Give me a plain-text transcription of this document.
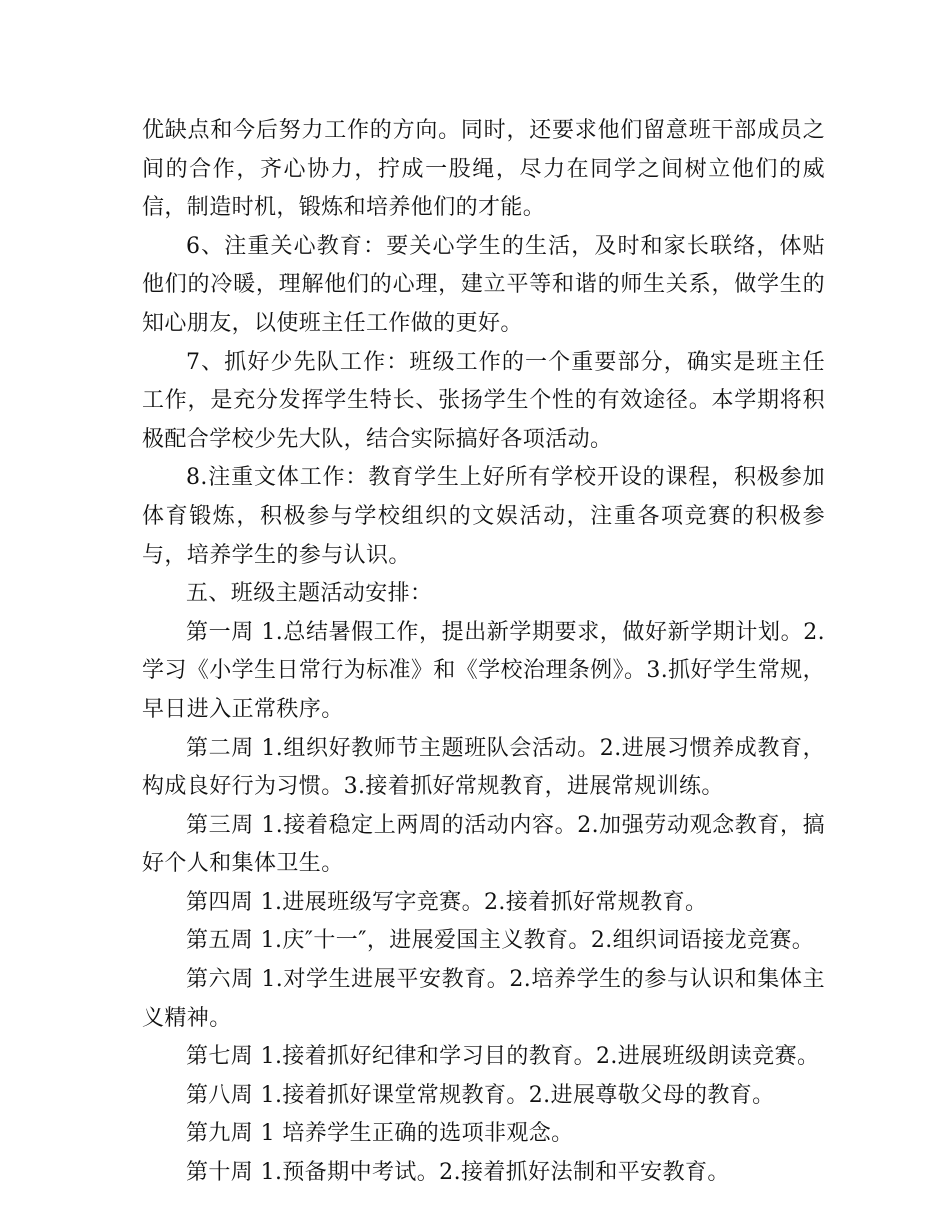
优缺点和今后努力工作的方向。同时，还要求他们留意班干部成员之间的合作，齐心协力，拧成一股绳，尽力在同学之间树立他们的威信，制造时机，锻炼和培养他们的才能。

6、注重关心教育：要关心学生的生活，及时和家长联络，体贴他们的冷暖，理解他们的心理，建立平等和谐的师生关系，做学生的知心朋友，以使班主任工作做的更好。

7、抓好少先队工作：班级工作的一个重要部分，确实是班主任工作，是充分发挥学生特长、张扬学生个性的有效途径。本学期将积极配合学校少先大队，结合实际搞好各项活动。

8.注重文体工作：教育学生上好所有学校开设的课程，积极参加体育锻炼，积极参与学校组织的文娱活动，注重各项竞赛的积极参与，培养学生的参与认识。

五、班级主题活动安排：

第一周 1.总结暑假工作，提出新学期要求，做好新学期计划。2.学习《小学生日常行为标准》和《学校治理条例》。3.抓好学生常规，早日进入正常秩序。

第二周 1.组织好教师节主题班队会活动。2.进展习惯养成教育，构成良好行为习惯。3.接着抓好常规教育，进展常规训练。

第三周 1.接着稳定上两周的活动内容。2.加强劳动观念教育，搞好个人和集体卫生。

第四周 1.进展班级写字竞赛。2.接着抓好常规教育。

第五周 1.庆″十一″，进展爱国主义教育。2.组织词语接龙竞赛。

第六周 1.对学生进展平安教育。2.培养学生的参与认识和集体主义精神。

第七周 1.接着抓好纪律和学习目的教育。2.进展班级朗读竞赛。

第八周 1.接着抓好课堂常规教育。2.进展尊敬父母的教育。

第九周 1 培养学生正确的选项非观念。

第十周 1.预备期中考试。2.接着抓好法制和平安教育。
